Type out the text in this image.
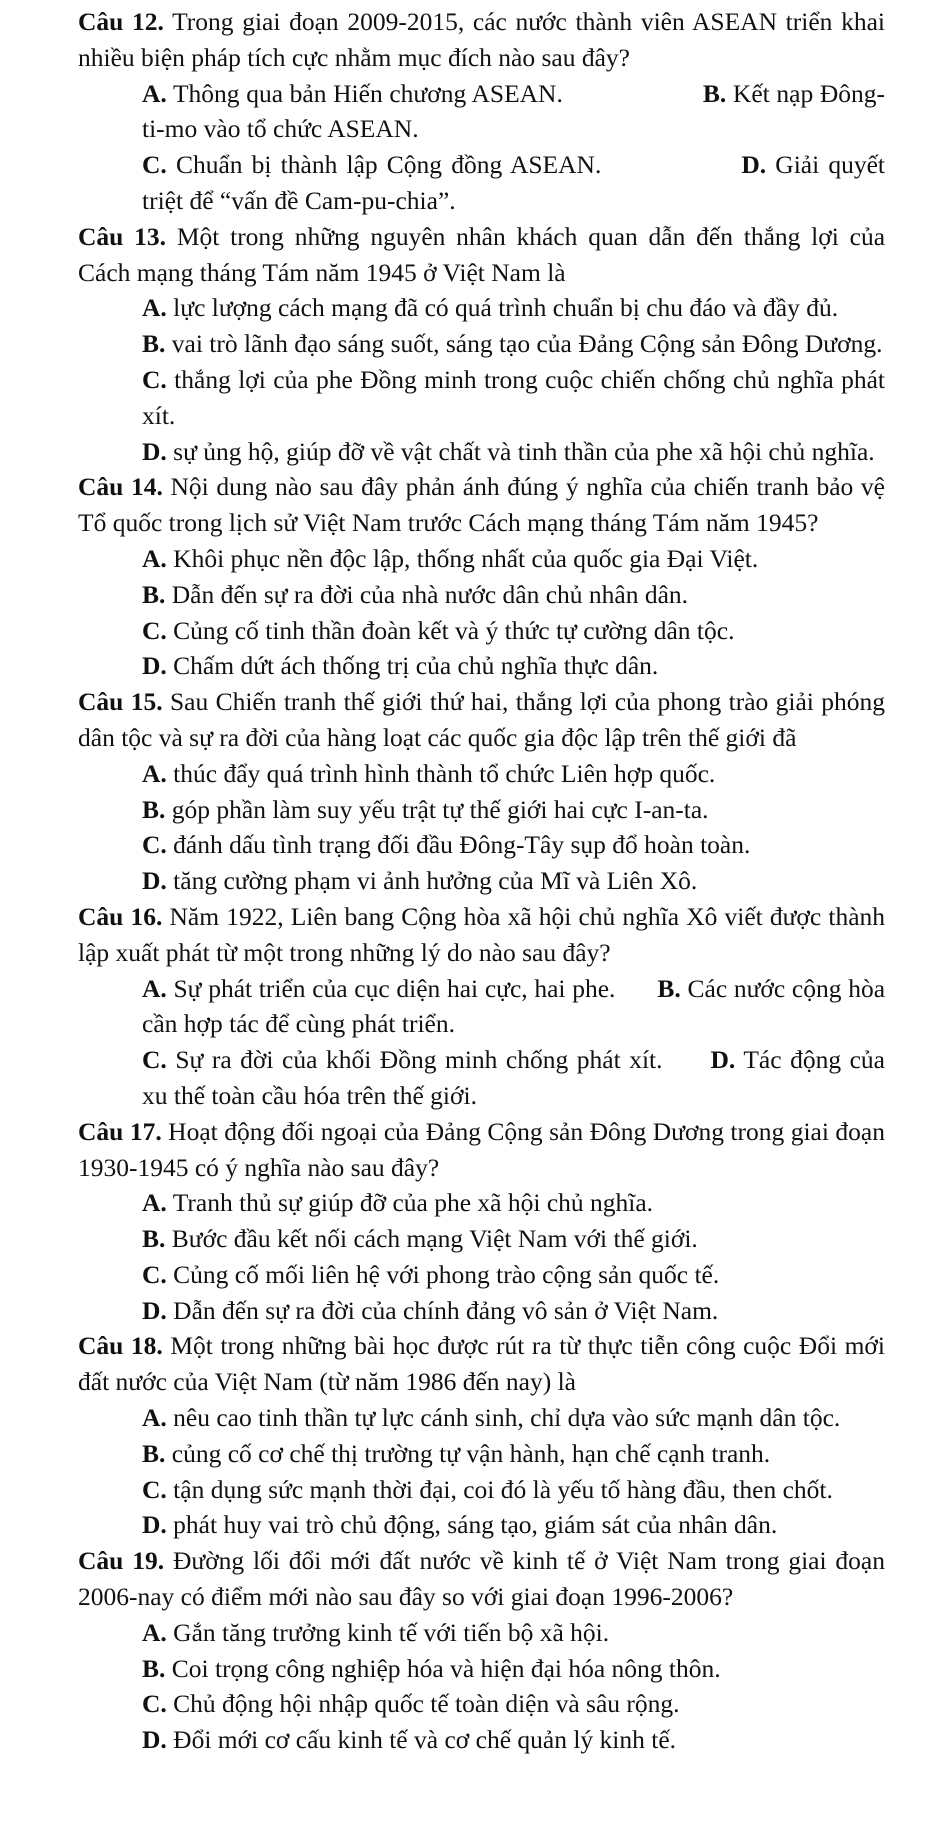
Câu 12. Trong giai đoạn 2009-2015, các nước thành viên ASEAN triển khai nhiều biện pháp tích cực nhằm mục đích nào sau đây?

A. Thông qua bản Hiến chương ASEAN.	B. Kết nạp Đông-ti-mo vào tổ chức ASEAN.

C. Chuẩn bị thành lập Cộng đồng ASEAN.	D. Giải quyết triệt để “vấn đề Cam-pu-chia”.

Câu 13. Một trong những nguyên nhân khách quan dẫn đến thắng lợi của Cách mạng tháng Tám năm 1945 ở Việt Nam là

A. lực lượng cách mạng đã có quá trình chuẩn bị chu đáo và đầy đủ.

B. vai trò lãnh đạo sáng suốt, sáng tạo của Đảng Cộng sản Đông Dương.

C. thắng lợi của phe Đồng minh trong cuộc chiến chống chủ nghĩa phát xít.

D. sự ủng hộ, giúp đỡ về vật chất và tinh thần của phe xã hội chủ nghĩa.

Câu 14. Nội dung nào sau đây phản ánh đúng ý nghĩa của chiến tranh bảo vệ Tổ quốc trong lịch sử Việt Nam trước Cách mạng tháng Tám năm 1945?

A. Khôi phục nền độc lập, thống nhất của quốc gia Đại Việt.

B. Dẫn đến sự ra đời của nhà nước dân chủ nhân dân.

C. Củng cố tinh thần đoàn kết và ý thức tự cường dân tộc.

D. Chấm dứt ách thống trị của chủ nghĩa thực dân.

Câu 15. Sau Chiến tranh thế giới thứ hai, thắng lợi của phong trào giải phóng dân tộc và sự ra đời của hàng loạt các quốc gia độc lập trên thế giới đã

A. thúc đẩy quá trình hình thành tổ chức Liên hợp quốc.

B. góp phần làm suy yếu trật tự thế giới hai cực I-an-ta.

C. đánh dấu tình trạng đối đầu Đông-Tây sụp đổ hoàn toàn.

D. tăng cường phạm vi ảnh hưởng của Mĩ và Liên Xô.

Câu 16. Năm 1922, Liên bang Cộng hòa xã hội chủ nghĩa Xô viết được thành lập xuất phát từ một trong những lý do nào sau đây?

A. Sự phát triển của cục diện hai cực, hai phe. B. Các nước cộng hòa cần hợp tác để cùng phát triển.

C. Sự ra đời của khối Đồng minh chống phát xít. D. Tác động của xu thế toàn cầu hóa trên thế giới.

Câu 17. Hoạt động đối ngoại của Đảng Cộng sản Đông Dương trong giai đoạn 1930-1945 có ý nghĩa nào sau đây?

A. Tranh thủ sự giúp đỡ của phe xã hội chủ nghĩa.

B. Bước đầu kết nối cách mạng Việt Nam với thế giới.

C. Củng cố mối liên hệ với phong trào cộng sản quốc tế.

D. Dẫn đến sự ra đời của chính đảng vô sản ở Việt Nam.

Câu 18. Một trong những bài học được rút ra từ thực tiễn công cuộc Đổi mới đất nước của Việt Nam (từ năm 1986 đến nay) là

A. nêu cao tinh thần tự lực cánh sinh, chỉ dựa vào sức mạnh dân tộc.

B. củng cố cơ chế thị trường tự vận hành, hạn chế cạnh tranh.

C. tận dụng sức mạnh thời đại, coi đó là yếu tố hàng đầu, then chốt.

D. phát huy vai trò chủ động, sáng tạo, giám sát của nhân dân.

Câu 19. Đường lối đổi mới đất nước về kinh tế ở Việt Nam trong giai đoạn 2006-nay có điểm mới nào sau đây so với giai đoạn 1996-2006?

A. Gắn tăng trưởng kinh tế với tiến bộ xã hội.

B. Coi trọng công nghiệp hóa và hiện đại hóa nông thôn.

C. Chủ động hội nhập quốc tế toàn diện và sâu rộng.

D. Đổi mới cơ cấu kinh tế và cơ chế quản lý kinh tế.
